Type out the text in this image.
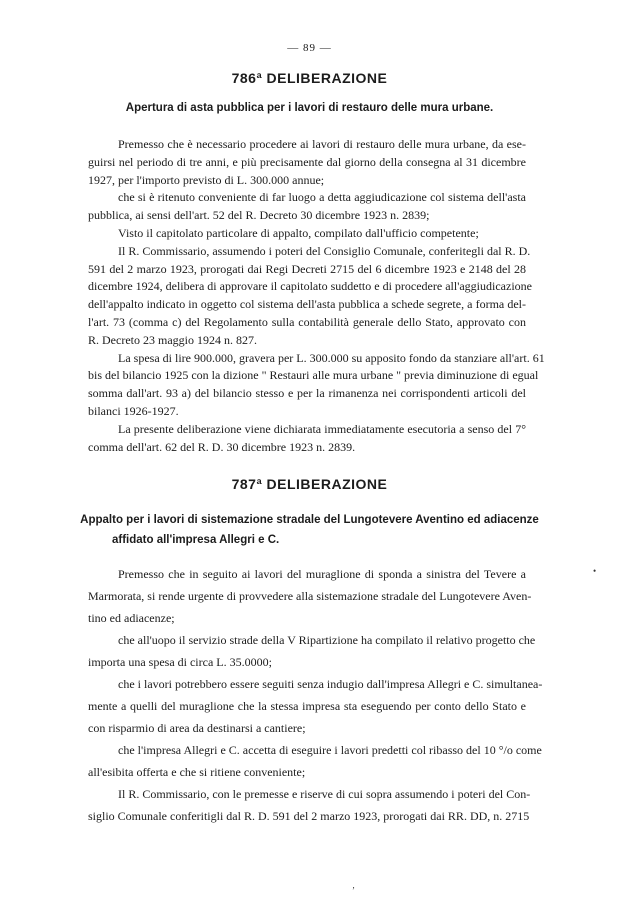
— 89 —
786ª DELIBERAZIONE
Apertura di asta pubblica per i lavori di restauro delle mura urbane.
Premesso che è necessario procedere ai lavori di restauro delle mura urbane, da ese-
guirsi nel periodo di tre anni, e più precisamente dal giorno della consegna al 31 dicembre
1927, per l'importo previsto di L. 300.000 annue;
che si è ritenuto conveniente di far luogo a detta aggiudicazione col sistema dell'asta
pubblica, ai sensi dell'art. 52 del R. Decreto 30 dicembre 1923 n. 2839;
Visto il capitolato particolare di appalto, compilato dall'ufficio competente;
Il R. Commissario, assumendo i poteri del Consiglio Comunale, conferitegli dal R. D.
591 del 2 marzo 1923, prorogati dai Regi Decreti 2715 del 6 dicembre 1923 e 2148 del 28
dicembre 1924, delibera di approvare il capitolato suddetto e di procedere all'aggiudicazione
dell'appalto indicato in oggetto col sistema dell'asta pubblica a schede segrete, a forma del-
l'art. 73 (comma c) del Regolamento sulla contabilità generale dello Stato, approvato con
R. Decreto 23 maggio 1924 n. 827.
La spesa di lire 900.000, gravera per L. 300.000 su apposito fondo da stanziare all'art. 61
bis del bilancio 1925 con la dizione " Restauri alle mura urbane " previa diminuzione di egual
somma dall'art. 93 a) del bilancio stesso e per la rimanenza nei corrispondenti articoli del
bilanci 1926-1927.
787ª DELIBERAZIONE
Appalto per i lavori di sistemazione stradale del Lungotevere Aventino ed adiacenze
affidato all'impresa Allegri e C.
Premesso che in seguito ai lavori del muraglione di sponda a sinistra del Tevere a
Marmorata, si rende urgente di provvedere alla sistemazione stradale del Lungotevere Aven-
tino ed adiacenze;
che all'uopo il servizio strade della V Ripartizione ha compilato il relativo progetto che
importa una spesa di circa L. 35.0000;
che i lavori potrebbero essere seguiti senza indugio dall'impresa Allegri e C. simultanea-
mente a quelli del muraglione che la stessa impresa sta eseguendo per conto dello Stato e
con risparmio di area da destinarsi a cantiere;
che l'impresa Allegri e C. accetta di eseguire i lavori predetti col ribasso del 10 °/o come
all'esibita offerta e che si ritiene conveniente;
Il R. Commissario, con le premesse e riserve di cui sopra assumendo i poteri del Con-
siglio Comunale conferitigli dal R. D. 591 del 2 marzo 1923, prorogati dai RR. DD, n. 2715
•
‚
La presente deliberazione viene dichiarata immediatamente esecutoria a senso del 7°
comma dell'art. 62 del R. D. 30 dicembre 1923 n. 2839.
